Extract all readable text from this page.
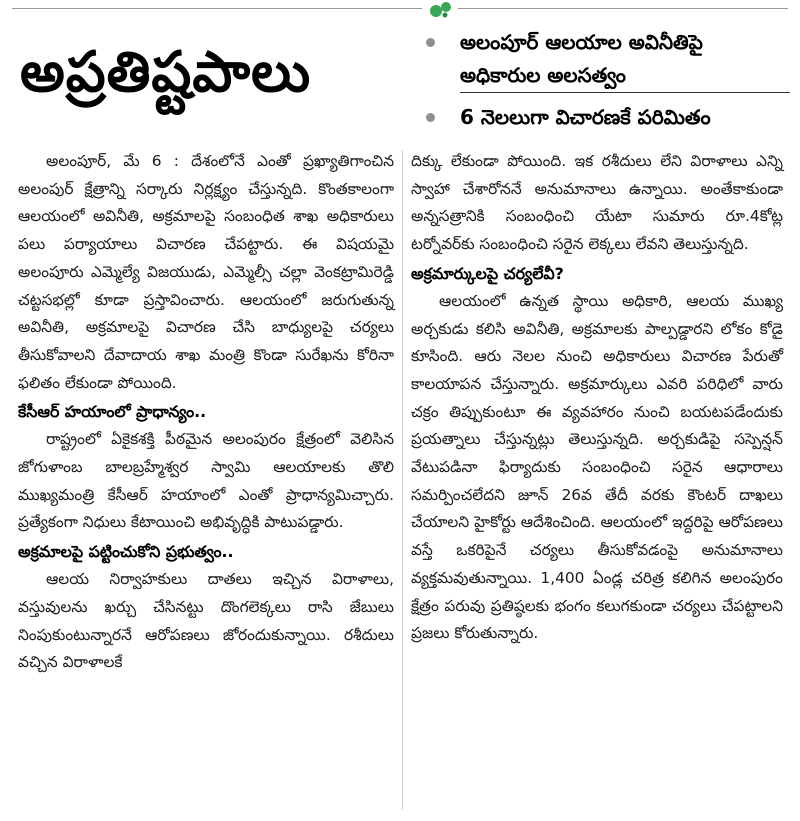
అప్రతిష్టపాలు	అలంపూర్ ఆలయాల అవినీతిపై అధికారుల అలసత్వం
6 నెలలుగా విచారణకే పరిమితం

అలంపూర్, మే 6 : దేశంలోనే ఎంతో ప్రఖ్యాతిగాంచిన అలంపుర్ క్షేత్రాన్ని సర్కారు నిర్లక్ష్యం చేస్తున్నది. కొంతకాలంగా ఆలయంలో అవినీతి, అక్రమాలపై సంబంధిత శాఖ అధికారులు పలు పర్యాయాలు విచారణ చేపట్టారు. ఈ విషయమై అలంపూరు ఎమ్మెల్యే విజయుడు, ఎమ్మెల్సీ చల్లా వెంకట్రామిరెడ్డి చట్టసభల్లో కూడా ప్రస్తావించారు. ఆలయంలో జరుగుతున్న అవినీతి, అక్రమాలపై విచారణ చేసి బాధ్యులపై చర్యలు తీసుకోవాలని దేవాదాయ శాఖ మంత్రి కొండా సురేఖను కోరినా ఫలితం లేకుండా పోయింది.

కేసీఆర్ హయాంలో ప్రాధాన్యం..

రాష్ట్రంలో ఏకైకశక్తి పీఠమైన అలంపురం క్షేత్రంలో వెలిసిన జోగుళాంబ బాలబ్రహ్మేశ్వర స్వామి ఆలయాలకు తొలి ముఖ్యమంత్రి కేసీఆర్ హయాంలో ఎంతో ప్రాధాన్యమిచ్చారు. ప్రత్యేకంగా నిధులు కేటాయించి అభివృద్ధికి పాటుపడ్డారు.

అక్రమాలపై పట్టించుకోని ప్రభుత్వం..

ఆలయ నిర్వాహకులు దాతలు ఇచ్చిన విరాళాలు, వస్తువులను ఖర్చు చేసినట్టు దొంగలెక్కలు రాసి జేబులు నింపుకుంటున్నారనే ఆరోపణలు జోరందుకున్నాయి. రశీదులు వచ్చిన విరాళాలకే

దిక్కు లేకుండా పోయింది. ఇక రశీదులు లేని విరాళాలు ఎన్ని స్వాహా చేశారోననే అనుమానాలు ఉన్నాయి. అంతేకాకుండా అన్నసత్రానికి సంబంధించి యేటా సుమారు రూ.4కోట్ల టర్నోవర్‌కు సంబంధించి సరైన లెక్కలు లేవని తెలుస్తున్నది.

అక్రమార్కులపై చర్యలేవీ?

ఆలయంలో ఉన్నత స్థాయి అధికారి, ఆలయ ముఖ్య అర్చకుడు కలిసి అవినీతి, అక్రమాలకు పాల్పడ్డారని లోకం కోడై కూసింది. ఆరు నెలల నుంచి అధికారులు విచారణ పేరుతో కాలయాపన చేస్తున్నారు. అక్రమార్కులు ఎవరి పరిధిలో వారు చక్రం తిప్పుకుంటూ ఈ వ్యవహారం నుంచి బయటపడేందుకు ప్రయత్నాలు చేస్తున్నట్లు తెలుస్తున్నది. అర్చకుడిపై సస్పెన్షన్ వేటుపడినా ఫిర్యాదుకు సంబంధించి సరైన ఆధారాలు సమర్పించలేదని జూన్ 26వ తేదీ వరకు కౌంటర్ దాఖలు చేయాలని హైకోర్టు ఆదేశించింది. ఆలయంలో ఇద్దరిపై ఆరోపణలు వస్తే ఒకరిపైనే చర్యలు తీసుకోవడంపై అనుమానాలు వ్యక్తమవుతున్నాయి. 1,400 ఏండ్ల చరిత్ర కలిగిన అలంపురం క్షేత్రం పరువు ప్రతిష్ఠలకు భంగం కలుగకుండా చర్యలు చేపట్టాలని ప్రజలు కోరుతున్నారు.
